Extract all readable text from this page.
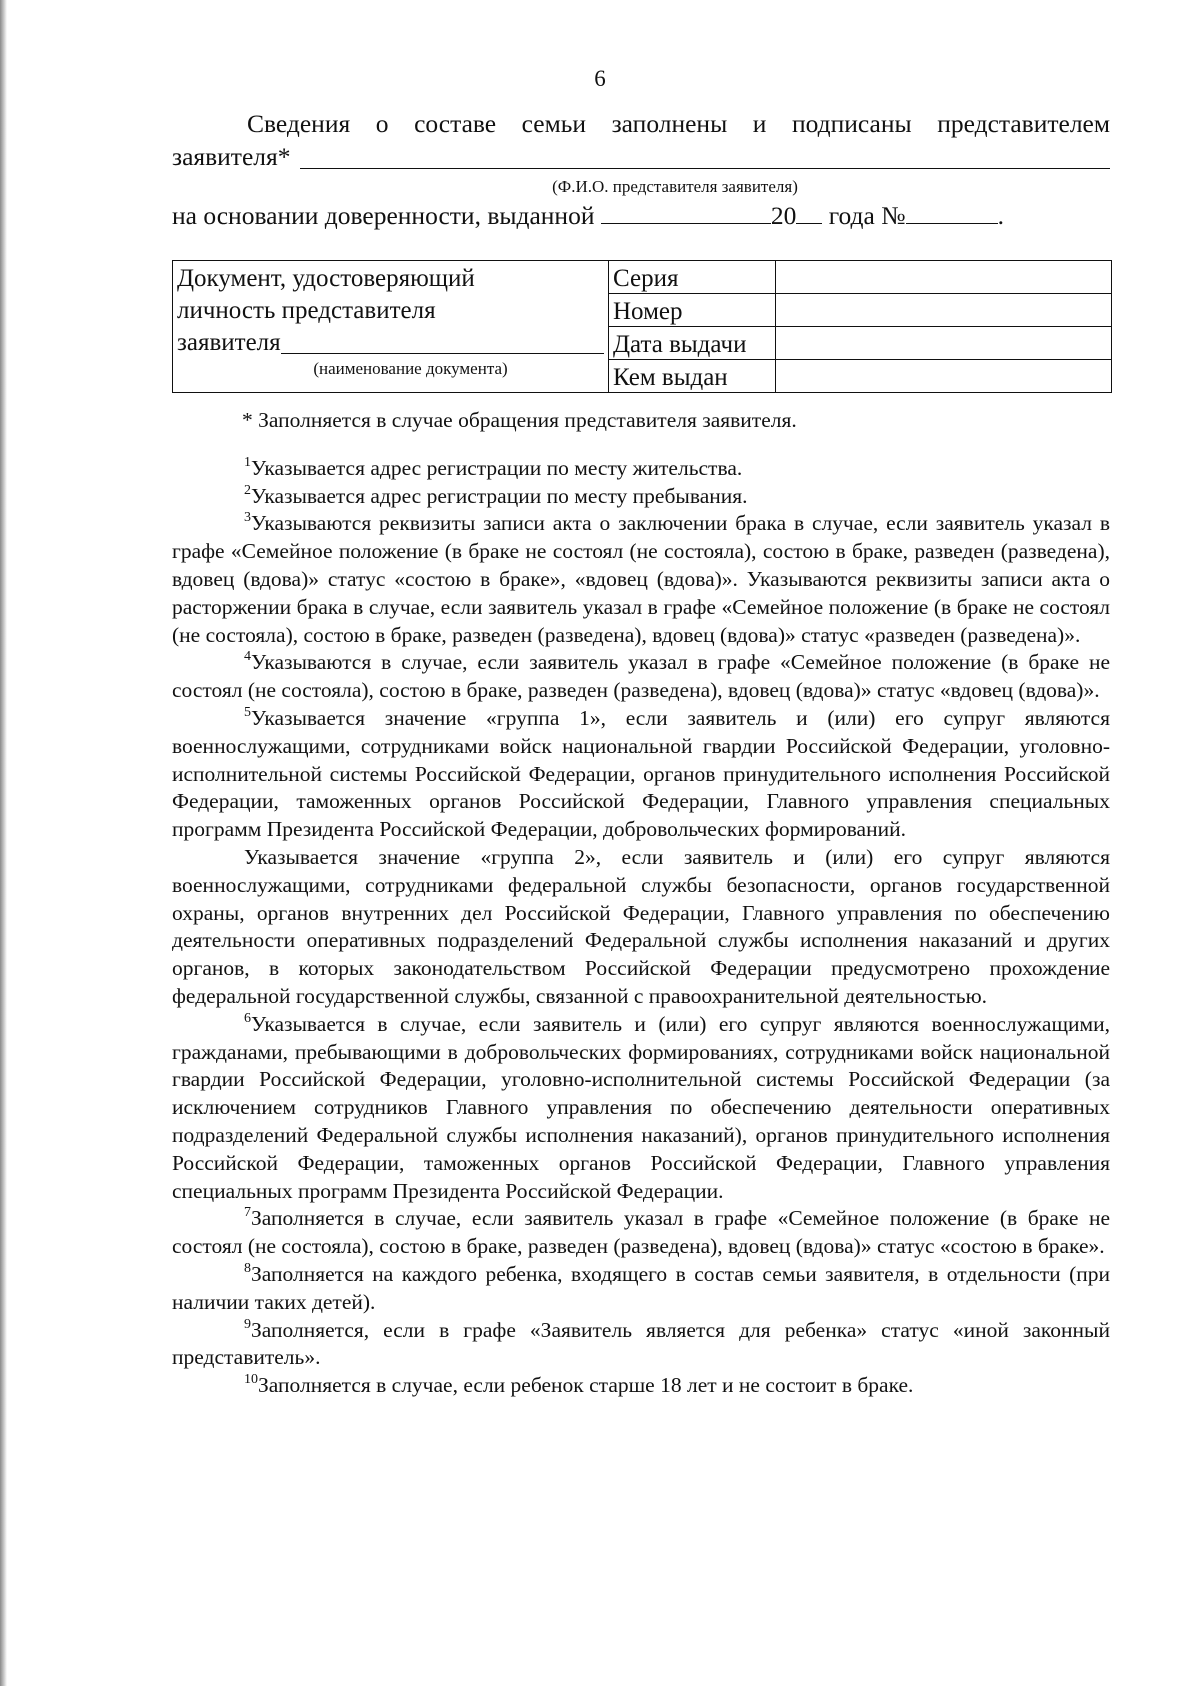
6
Сведения о составе семьи заполнены и подписаны представителем
заявителя*
(Ф.И.О. представителя заявителя)
на основании доверенности, выданной	20 года №	.
Документ, удостоверяющий
личность представителя
заявителя
(наименование документа)	Серия	
	Номер	
	Дата выдачи	
	Кем выдан	

* Заполняется в случае обращения представителя заявителя.

$^1$Указывается адрес регистрации по месту жительства.

$^2$Указывается адрес регистрации по месту пребывания.

$^3$Указываются реквизиты записи акта о заключении брака в случае, если заявитель указал в графе «Семейное положение (в браке не состоял (не состояла), состою в браке, разведен (разведена), вдовец (вдова)» статус «состою в браке», «вдовец (вдова)». Указываются реквизиты записи акта о расторжении брака в случае, если заявитель указал в графе «Семейное положение (в браке не состоял (не состояла), состою в браке, разведен (разведена), вдовец (вдова)» статус «разведен (разведена)».

$^4$Указываются в случае, если заявитель указал в графе «Семейное положение (в браке не состоял (не состояла), состою в браке, разведен (разведена), вдовец (вдова)» статус «вдовец (вдова)».

$^5$Указывается значение «группа 1», если заявитель и (или) его супруг являются военнослужащими, сотрудниками войск национальной гвардии Российской Федерации, уголовно-исполнительной системы Российской Федерации, органов принудительного исполнения Российской Федерации, таможенных органов Российской Федерации, Главного управления специальных программ Президента Российской Федерации, добровольческих формирований.

Указывается значение «группа 2», если заявитель и (или) его супруг являются военнослужащими, сотрудниками федеральной службы безопасности, органов государственной охраны, органов внутренних дел Российской Федерации, Главного управления по обеспечению деятельности оперативных подразделений Федеральной службы исполнения наказаний и других органов, в которых законодательством Российской Федерации предусмотрено прохождение федеральной государственной службы, связанной с правоохранительной деятельностью.

$^6$Указывается в случае, если заявитель и (или) его супруг являются военнослужащими, гражданами, пребывающими в добровольческих формированиях, сотрудниками войск национальной гвардии Российской Федерации, уголовно-исполнительной системы Российской Федерации (за исключением сотрудников Главного управления по обеспечению деятельности оперативных подразделений Федеральной службы исполнения наказаний), органов принудительного исполнения Российской Федерации, таможенных органов Российской Федерации, Главного управления специальных программ Президента Российской Федерации.

$^7$Заполняется в случае, если заявитель указал в графе «Семейное положение (в браке не состоял (не состояла), состою в браке, разведен (разведена), вдовец (вдова)» статус «состою в браке».

$^8$Заполняется на каждого ребенка, входящего в состав семьи заявителя, в отдельности (при наличии таких детей).

$^9$Заполняется, если в графе «Заявитель является для ребенка» статус «иной законный представитель».

$^{10}$Заполняется в случае, если ребенок старше 18 лет и не состоит в браке.
